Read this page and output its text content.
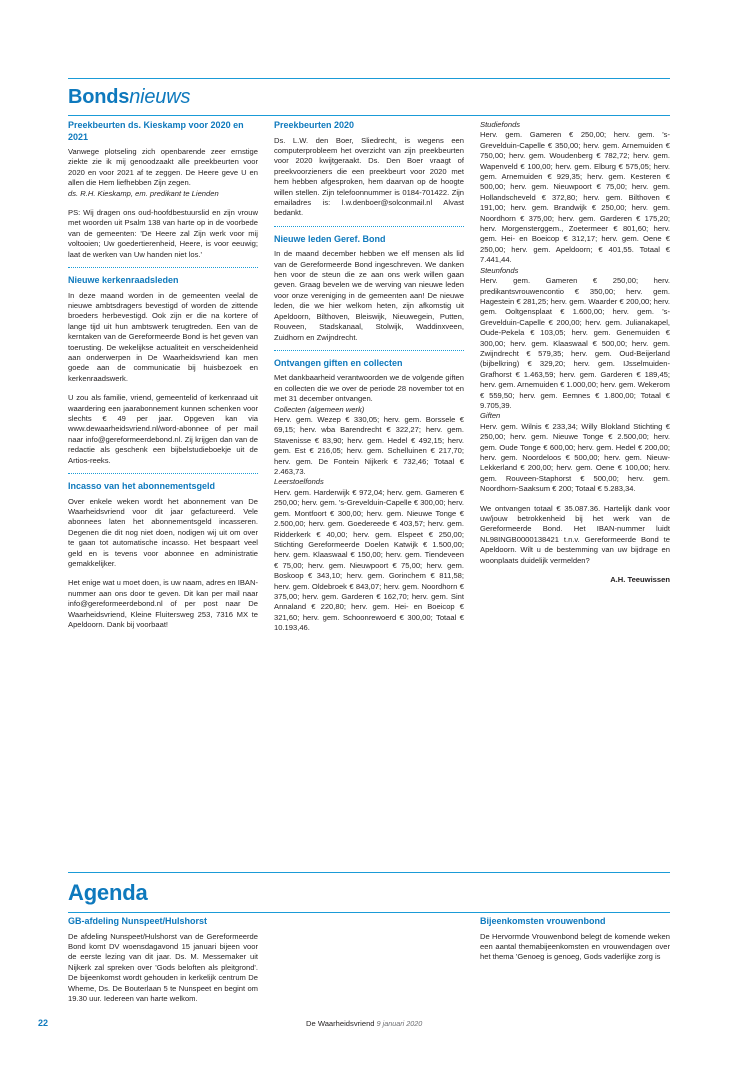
Bondsnieuws
Preekbeurten ds. Kieskamp voor 2020 en 2021

Vanwege plotseling zich openbarende zeer ernstige ziekte zie ik mij genoodzaakt alle preekbeurten voor 2020 en voor 2021 af te zeggen. De Heere geve U en allen die Hem liefhebben Zijn zegen.

ds. R.H. Kieskamp, em. predikant te Lienden

PS: Wij dragen ons oud-hoofdbestuurslid en zijn vrouw met woorden uit Psalm 138 van harte op in de voorbede van de gemeenten: 'De Heere zal Zijn werk voor mij voltooien; Uw goedertierenheid, Heere, is voor eeuwig; laat de werken van Uw handen niet los.'

Nieuwe kerkenraadsleden

In deze maand worden in de gemeenten veelal de nieuwe ambtsdragers bevestigd of worden de zittende broeders herbevestigd. Ook zijn er die na kortere of lange tijd uit hun ambtswerk terugtreden. Een van de kerntaken van de Gereformeerde Bond is het geven van toerusting. De wekelijkse actualiteit en verscheidenheid aan onderwerpen in De Waarheidsvriend kan men goede aan de communicatie bij huisbezoek en kerkenraadswerk.

U zou als familie, vriend, gemeentelid of kerkenraad uit waardering een jaarabonnement kunnen schenken voor slechts € 49 per jaar. Opgeven kan via www.dewaarheidsvriend.nl/word-abonnee of per mail naar info@gereformeerdebond.nl. Zij krijgen dan van de redactie als geschenk een bijbelstudieboekje uit de Artios-reeks.

Incasso van het abonnementsgeld

Over enkele weken wordt het abonnement van De Waarheidsvriend voor dit jaar gefactureerd. Vele abonnees laten het abonnementsgeld incasseren. Degenen die dit nog niet doen, nodigen wij uit om over te gaan tot automatische incasso. Het bespaart veel geld en is tevens voor abonnee en administratie gemakkelijker.

Het enige wat u moet doen, is uw naam, adres en IBAN-nummer aan ons door te geven. Dit kan per mail naar info@gereformeerdebond.nl of per post naar De Waarheidsvriend, Kleine Fluitersweg 253, 7316 MX te Apeldoorn. Dank bij voorbaat!

Preekbeurten 2020

Ds. L.W. den Boer, Sliedrecht, is wegens een computerprobleem het overzicht van zijn preekbeurten voor 2020 kwijtgeraakt. Ds. Den Boer vraagt of preekvoorzieners die een preekbeurt voor 2020 met hem hebben afgesproken, hem daarvan op de hoogte willen stellen. Zijn telefoonnummer is 0184-701422. Zijn emailadres is: l.w.denboer@solconmail.nl Alvast bedankt.

Nieuwe leden Geref. Bond

In de maand december hebben we elf mensen als lid van de Gereformeerde Bond ingeschreven. We danken hen voor de steun die ze aan ons werk willen gaan geven. Graag bevelen we de werving van nieuwe leden voor onze vereniging in de gemeenten aan! De nieuwe leden, die we hier welkom heten, zijn afkomstig uit Apeldoorn, Bilthoven, Bleiswijk, Nieuwegein, Putten, Rouveen, Stadskanaal, Stolwijk, Waddinxveen, Zuidhorn en Zwijndrecht.

Ontvangen giften en collecten

Met dankbaarheid verantwoorden we de volgende giften en collecten die we over de periode 28 november tot en met 31 december ontvangen.

Collecten (algemeen werk)

Herv. gem. Wezep € 330,05; herv. gem. Borssele € 69,15; herv. wba Barendrecht € 322,27; herv. gem. Stavenisse € 83,90; herv. gem. Hedel € 492,15; herv. gem. Est € 216,05; herv. gem. Schelluinen € 217,70; herv. gem. De Fontein Nijkerk € 732,46; Totaal € 2.463,73.

Leerstoelfonds

Herv. gem. Harderwijk € 972,04; herv. gem. Gameren € 250,00; herv. gem. 's-Grevelduin-Capelle € 300,00; herv. gem. Montfoort € 300,00; herv. gem. Nieuwe Tonge € 2.500,00; herv. gem. Goedereede € 403,57; herv. gem. Ridderkerk € 40,00; herv. gem. Elspeet € 250,00; Stichting Gereformeerde Doelen Katwijk € 1.500,00; herv. gem. Klaaswaal € 150,00; herv. gem. Tiendeveen € 75,00; herv. gem. Nieuwpoort € 75,00; herv. gem. Boskoop € 343,10; herv. gem. Gorinchem € 811,58; herv. gem. Oldebroek € 843,07; herv. gem. Noordhorn € 375,00; herv. gem. Garderen € 162,70; herv. gem. Sint Annaland € 220,80; herv. gem. Hei- en Boeicop € 321,60; herv. gem. Schoonrewoerd € 300,00; Totaal € 10.193,46.

Studiefonds

Herv. gem. Gameren € 250,00; herv. gem. 's-Grevelduin-Capelle € 350,00; herv. gem. Arnemuiden € 750,00; herv. gem. Woudenberg € 782,72; herv. gem. Wapenveld € 100,00; herv. gem. Elburg € 575,05; herv. gem. Arnemuiden € 929,35; herv. gem. Kesteren € 500,00; herv. gem. Nieuwpoort € 75,00; herv. gem. Hollandscheveld € 372,80; herv. gem. Bilthoven € 191,00; herv. gem. Brandwijk € 250,00; herv. gem. Noordhorn € 375,00; herv. gem. Garderen € 175,20; herv. Morgensterggem., Zoetermeer € 801,60; herv. gem. Hei- en Boeicop € 312,17; herv. gem. Oene € 250,00; herv. gem. Apeldoorn; € 401,55. Totaal € 7.441,44.

Steunfonds

Herv. gem. Gameren € 250,00; herv. predikantsvrouwencontio € 350,00; herv. gem. Hagestein € 281,25; herv. gem. Waarder € 200,00; herv. gem. Ooltgensplaat € 1.600,00; herv. gem. 's-Grevelduin-Capelle € 200,00; herv. gem. Julianakapel, Oude-Pekela € 103,05; herv. gem. Genemuiden € 300,00; herv. gem. Klaaswaal € 500,00; herv. gem. Zwijndrecht € 579,35; herv. gem. Oud-Beijerland (bijbelkring) € 329,20; herv. gem. IJsselmuiden-Grafhorst € 1.463,59; herv. gem. Garderen € 189,45; herv. gem. Arnemuiden € 1.000,00; herv. gem. Wekerom € 559,50; herv. gem. Eemnes € 1.800,00; Totaal € 9.705,39.

Giften

Herv. gem. Wilnis € 233,34; Willy Blokland Stichting € 250,00; herv. gem. Nieuwe Tonge € 2.500,00; herv. gem. Oude Tonge € 600,00; herv. gem. Hedel € 200,00; herv. gem. Noordeloos € 500,00; herv. gem. Nieuw-Lekkerland € 200,00; herv. gem. Oene € 100,00; herv. gem. Rouveen-Staphorst € 500,00; herv. gem. Noordhorn-Saaksum € 200; Totaal € 5.283,34.

We ontvangen totaal € 35.087.36. Hartelijk dank voor uw/jouw betrokkenheid bij het werk van de Gereformeerde Bond. Het IBAN-nummer luidt NL98INGB0000138421 t.n.v. Gereformeerde Bond te Apeldoorn. Wilt u de bestemming van uw bijdrage en woonplaats duidelijk vermelden?

A.H. Teeuwissen

Agenda
GB-afdeling Nunspeet/Hulshorst

De afdeling Nunspeet/Hulshorst van de Gereformeerde Bond komt DV woensdagavond 15 januari bijeen voor de eerste lezing van dit jaar. Ds. M. Messemaker uit Nijkerk zal spreken over 'Gods beloften als pleitgrond'. De bijeenkomst wordt gehouden in kerkelijk centrum De Wheme, Ds. De Bouterlaan 5 te Nunspeet en begint om 19.30 uur. Iedereen van harte welkom.

Bijeenkomsten vrouwenbond

De Hervormde Vrouwenbond belegt de komende weken een aantal themabijeenkomsten en vrouwendagen over het thema 'Genoeg is genoeg, Gods vaderlijke zorg is

22	De Waarheidsvriend 9 januari 2020
